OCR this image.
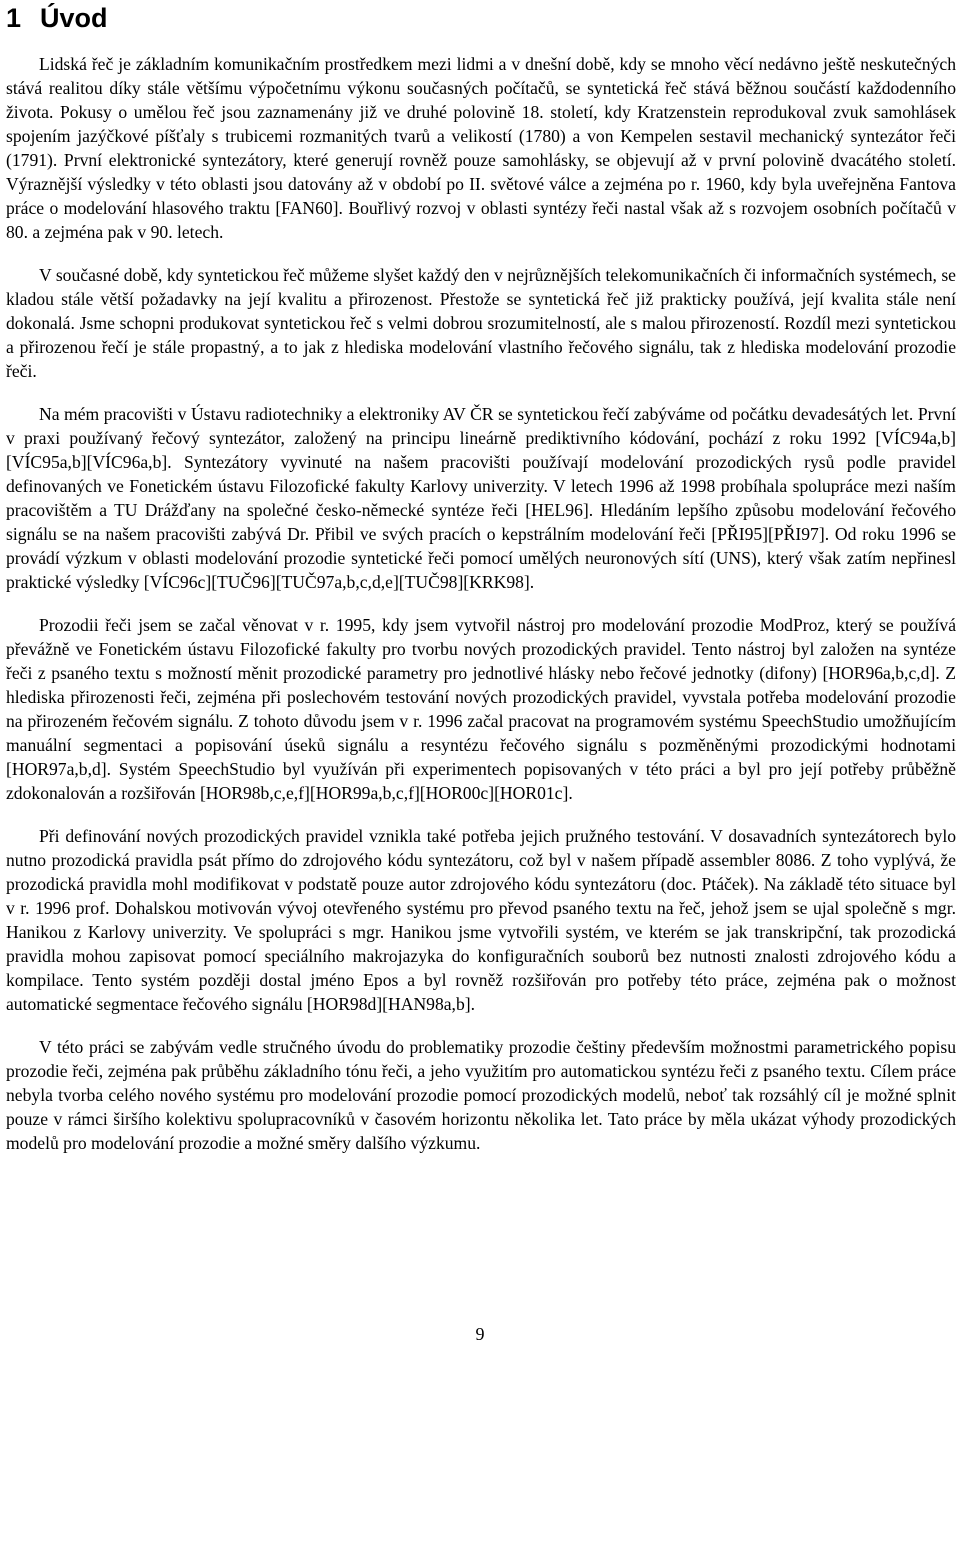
1 Úvod

Lidská řeč je základním komunikačním prostředkem mezi lidmi a v dnešní době, kdy se mnoho věcí nedávno ještě neskutečných stává realitou díky stále většímu výpočetnímu výkonu současných počítačů, se syntetická řeč stává běžnou součástí každodenního života. Pokusy o umělou řeč jsou zaznamenány již ve druhé polovině 18. století, kdy Kratzenstein reprodukoval zvuk samohlásek spojením jazýčkové píšťaly s trubicemi rozmanitých tvarů a velikostí (1780) a von Kempelen sestavil mechanický syntezátor řeči (1791). První elektronické syntezátory, které generují rovněž pouze samohlásky, se objevují až v první polovině dvacátého století. Výraznější výsledky v této oblasti jsou datovány až v období po II. světové válce a zejména po r. 1960, kdy byla uveřejněna Fantova práce o modelování hlasového traktu [FAN60]. Bouřlivý rozvoj v oblasti syntézy řeči nastal však až s rozvojem osobních počítačů v 80. a zejména pak v 90. letech.

V současné době, kdy syntetickou řeč můžeme slyšet každý den v nejrůznějších telekomunikačních či informačních systémech, se kladou stále větší požadavky na její kvalitu a přirozenost. Přestože se syntetická řeč již prakticky používá, její kvalita stále není dokonalá. Jsme schopni produkovat syntetickou řeč s velmi dobrou srozumitelností, ale s malou přirozeností. Rozdíl mezi syntetickou a přirozenou řečí je stále propastný, a to jak z hlediska modelování vlastního řečového signálu, tak z hlediska modelování prozodie řeči.

Na mém pracovišti v Ústavu radiotechniky a elektroniky AV ČR se syntetickou řečí zabýváme od počátku devadesátých let. První v praxi používaný řečový syntezátor, založený na principu lineárně prediktivního kódování, pochází z roku 1992 [VÍC94a,b][VÍC95a,b][VÍC96a,b]. Syntezátory vyvinuté na našem pracovišti používají modelování prozodických rysů podle pravidel definovaných ve Fonetickém ústavu Filozofické fakulty Karlovy univerzity. V letech 1996 až 1998 probíhala spolupráce mezi naším pracovištěm a TU Drážďany na společné česko-německé syntéze řeči [HEL96]. Hledáním lepšího způsobu modelování řečového signálu se na našem pracovišti zabývá Dr. Přibil ve svých pracích o kepstrálním modelování řeči [PŘI95][PŘI97]. Od roku 1996 se provádí výzkum v oblasti modelování prozodie syntetické řeči pomocí umělých neuronových sítí (UNS), který však zatím nepřinesl praktické výsledky [VÍC96c][TUČ96][TUČ97a,b,c,d,e][TUČ98][KRK98].

Prozodii řeči jsem se začal věnovat v r. 1995, kdy jsem vytvořil nástroj pro modelování prozodie ModProz, který se používá převážně ve Fonetickém ústavu Filozofické fakulty pro tvorbu nových prozodických pravidel. Tento nástroj byl založen na syntéze řeči z psaného textu s možností měnit prozodické parametry pro jednotlivé hlásky nebo řečové jednotky (difony) [HOR96a,b,c,d]. Z hlediska přirozenosti řeči, zejména při poslechovém testování nových prozodických pravidel, vyvstala potřeba modelování prozodie na přirozeném řečovém signálu. Z tohoto důvodu jsem v r. 1996 začal pracovat na programovém systému SpeechStudio umožňujícím manuální segmentaci a popisování úseků signálu a resyntézu řečového signálu s pozměněnými prozodickými hodnotami [HOR97a,b,d]. Systém SpeechStudio byl využíván při experimentech popisovaných v této práci a byl pro její potřeby průběžně zdokonalován a rozšiřován [HOR98b,c,e,f][HOR99a,b,c,f][HOR00c][HOR01c].

Při definování nových prozodických pravidel vznikla také potřeba jejich pružného testování. V dosavadních syntezátorech bylo nutno prozodická pravidla psát přímo do zdrojového kódu syntezátoru, což byl v našem případě assembler 8086. Z toho vyplývá, že prozodická pravidla mohl modifikovat v podstatě pouze autor zdrojového kódu syntezátoru (doc. Ptáček). Na základě této situace byl v r. 1996 prof. Dohalskou motivován vývoj otevřeného systému pro převod psaného textu na řeč, jehož jsem se ujal společně s mgr. Hanikou z Karlovy univerzity. Ve spolupráci s mgr. Hanikou jsme vytvořili systém, ve kterém se jak transkripční, tak prozodická pravidla mohou zapisovat pomocí speciálního makrojazyka do konfiguračních souborů bez nutnosti znalosti zdrojového kódu a kompilace. Tento systém později dostal jméno Epos a byl rovněž rozšiřován pro potřeby této práce, zejména pak o možnost automatické segmentace řečového signálu [HOR98d][HAN98a,b].

V této práci se zabývám vedle stručného úvodu do problematiky prozodie češtiny především možnostmi parametrického popisu prozodie řeči, zejména pak průběhu základního tónu řeči, a jeho využitím pro automatickou syntézu řeči z psaného textu. Cílem práce nebyla tvorba celého nového systému pro modelování prozodie pomocí prozodických modelů, neboť tak rozsáhlý cíl je možné splnit pouze v rámci širšího kolektivu spolupracovníků v časovém horizontu několika let. Tato práce by měla ukázat výhody prozodických modelů pro modelování prozodie a možné směry dalšího výzkumu.

9
